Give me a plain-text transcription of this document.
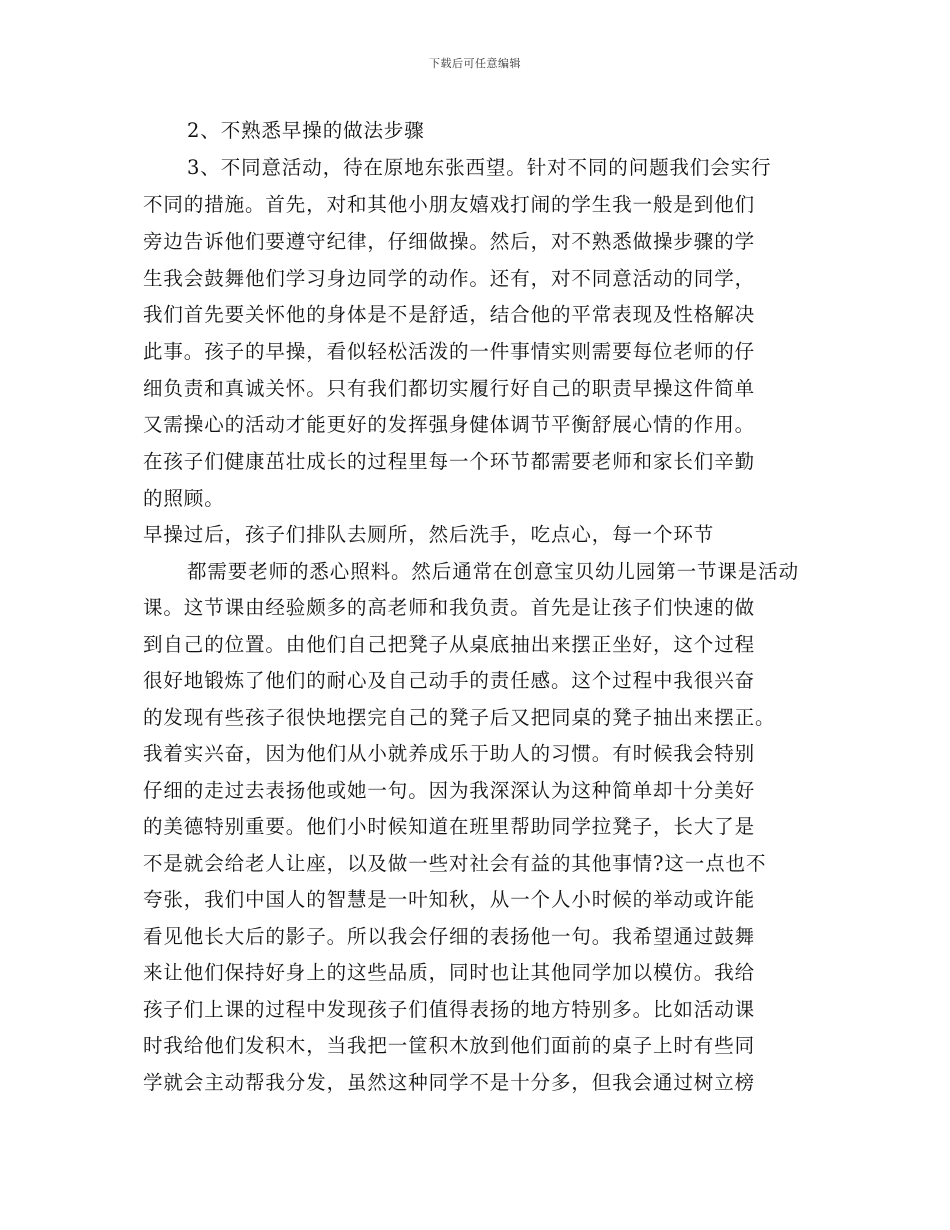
下载后可任意编辑
2、不熟悉早操的做法步骤
3、不同意活动，待在原地东张西望。针对不同的问题我们会实行
不同的措施。首先，对和其他小朋友嬉戏打闹的学生我一般是到他们
旁边告诉他们要遵守纪律，仔细做操。然后，对不熟悉做操步骤的学
生我会鼓舞他们学习身边同学的动作。还有，对不同意活动的同学，
我们首先要关怀他的身体是不是舒适，结合他的平常表现及性格解决
此事。孩子的早操，看似轻松活泼的一件事情实则需要每位老师的仔
细负责和真诚关怀。只有我们都切实履行好自己的职责早操这件简单
又需操心的活动才能更好的发挥强身健体调节平衡舒展心情的作用。
在孩子们健康茁壮成长的过程里每一个环节都需要老师和家长们辛勤
的照顾。
早操过后，孩子们排队去厕所，然后洗手，吃点心，每一个环节
都需要老师的悉心照料。然后通常在创意宝贝幼儿园第一节课是活动
课。这节课由经验颇多的高老师和我负责。首先是让孩子们快速的做
到自己的位置。由他们自己把凳子从桌底抽出来摆正坐好，这个过程
很好地锻炼了他们的耐心及自己动手的责任感。这个过程中我很兴奋
的发现有些孩子很快地摆完自己的凳子后又把同桌的凳子抽出来摆正。
我着实兴奋，因为他们从小就养成乐于助人的习惯。有时候我会特别
仔细的走过去表扬他或她一句。因为我深深认为这种简单却十分美好
的美德特别重要。他们小时候知道在班里帮助同学拉凳子，长大了是
不是就会给老人让座，以及做一些对社会有益的其他事情?这一点也不
夸张，我们中国人的智慧是一叶知秋，从一个人小时候的举动或许能
看见他长大后的影子。所以我会仔细的表扬他一句。我希望通过鼓舞
来让他们保持好身上的这些品质，同时也让其他同学加以模仿。我给
孩子们上课的过程中发现孩子们值得表扬的地方特别多。比如活动课
时我给他们发积木，当我把一筐积木放到他们面前的桌子上时有些同
学就会主动帮我分发，虽然这种同学不是十分多，但我会通过树立榜
